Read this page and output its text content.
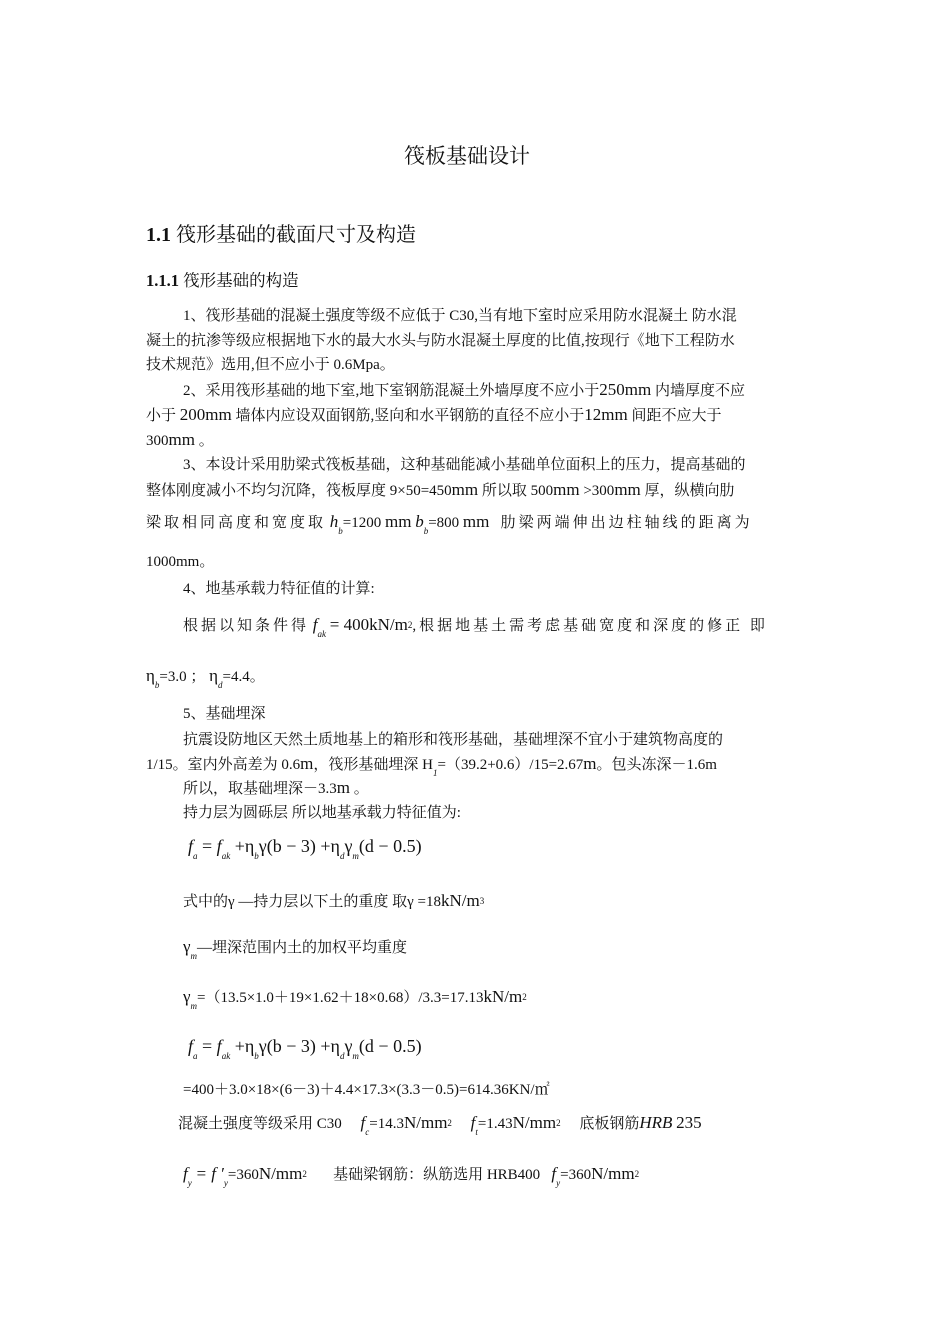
筏板基础设计
1.1 筏形基础的截面尺寸及构造
1.1.1 筏形基础的构造
1、筏形基础的混凝土强度等级不应低于 C30,当有地下室时应采用防水混凝土 防水混
凝土的抗渗等级应根据地下水的最大水头与防水混凝土厚度的比值,按现行《地下工程防水
技术规范》选用,但不应小于 0.6Mpa。
2、采用筏形基础的地下室,地下室钢筋混凝土外墙厚度不应小于250mm 内墙厚度不应
小于 200mm 墙体内应设双面钢筋,竖向和水平钢筋的直径不应小于12mm 间距不应大于
300mm 。
3、本设计采用肋梁式筏板基础，这种基础能减小基础单位面积上的压力，提高基础的
整体刚度减小不均匀沉降，筏板厚度 9×50=450mm 所以取 500mm >300mm 厚，纵横向肋
梁取相同高度和宽度取 $h_b=1200$ mm $b_b=800$ mm 肋梁两端伸出边柱轴线的距离为
1000mm。
4、地基承载力特征值的计算:
根据以知条件得 $f_{ak} = 400kN/m2$,根据地基土需考虑基础宽度和深度的修正 即
$\eta_b=3.0$ ； $\eta_d=4.4$。
5、基础埋深
抗震设防地区天然土质地基上的箱形和筏形基础，基础埋深不宜小于建筑物高度的
1/15。室内外高差为 0.6m，筏形基础埋深 $H_1=(39.2+0.6)/15=2.67m$。包头冻深－1.6m
所以，取基础埋深－3.3m 。
持力层为圆砾层 所以地基承载力特征值为:
$f_a = f_{ak} +\eta_b\gamma(b - 3) +\eta_d\gamma_m(d - 0.5)$
式中的γ —持力层以下土的重度 取γ =18kN/m3
$\gamma_m—$埋深范围内土的加权平均重度
$\gamma_m=(13.5\times 1.0+19\times 1.62+18\times 0.68)/3.3=17.13kN/m2$
$f_a = f_{ak} +\eta_b\gamma(b - 3) +\eta_d\gamma_m(d - 0.5)$
=400＋3.0×18×(6－3)＋4.4×17.3×(3.3－0.5)=614.36KN/㎡
混凝土强度等级采用 C30 $f_c=14.3N/mm2$ $f_t=1.43N/mm2$ 底板钢筋HRB 235
$f_y = f$ $'_y=360N/mm2$ 基础梁钢筋：纵筋选用 HRB400 $f_y=360N/mm2$
